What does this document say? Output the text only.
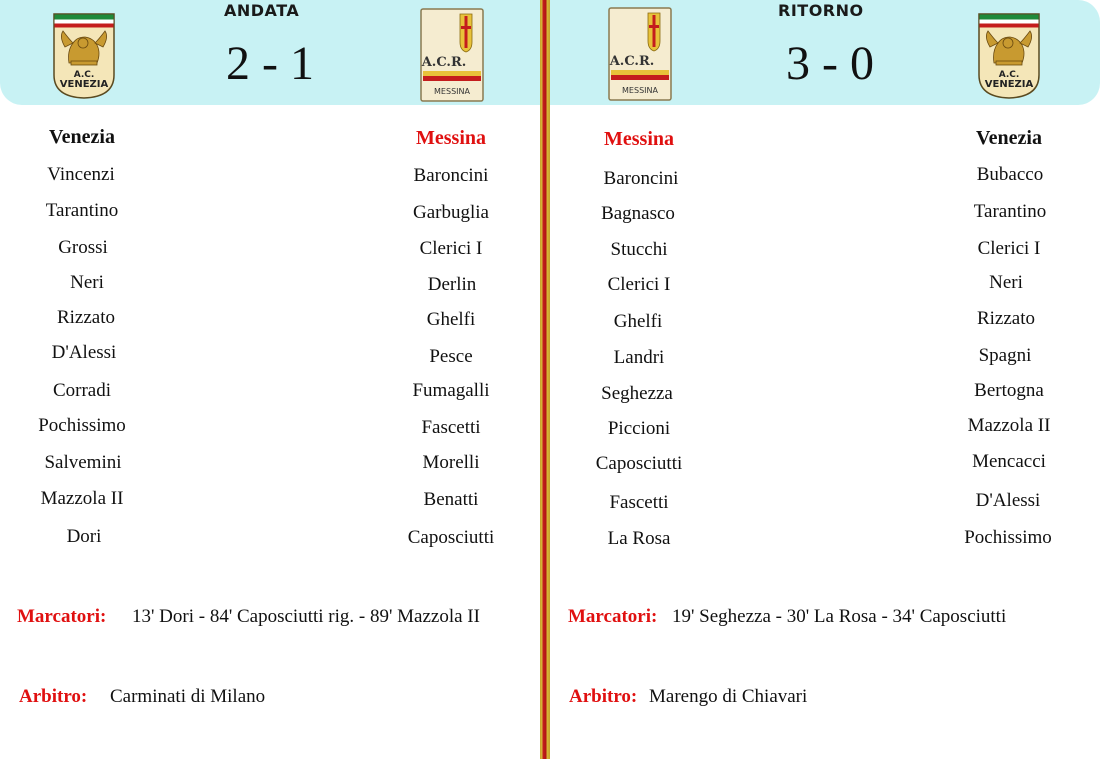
ANDATA
2 - 1
A.C.
VENEZIA
A.C.R.
MESSINA
Venezia	Messina
Vincenzi
Tarantino
Grossi
Neri
Rizzato
D'Alessi
Corradi
Pochissimo
Salvemini
Mazzola II
Dori
Baroncini
Garbuglia
Clerici I
Derlin
Ghelfi
Pesce
Fumagalli
Fascetti
Morelli
Benatti
Caposciutti
Marcatori: 13' Dori - 84' Caposciutti rig. - 89' Mazzola II
Arbitro: Carminati di Milano
RITORNO
3 - 0
A.C.R.
MESSINA
A.C.
VENEZIA
Messina	Venezia
Baroncini
Bagnasco
Stucchi
Clerici I
Ghelfi
Landri
Seghezza
Piccioni
Caposciutti
Fascetti
La Rosa
Bubacco
Tarantino
Clerici I
Neri
Rizzato
Spagni
Bertogna
Mazzola II
Mencacci
D'Alessi
Pochissimo
Marcatori: 19' Seghezza - 30' La Rosa - 34' Caposciutti
Arbitro: Marengo di Chiavari
